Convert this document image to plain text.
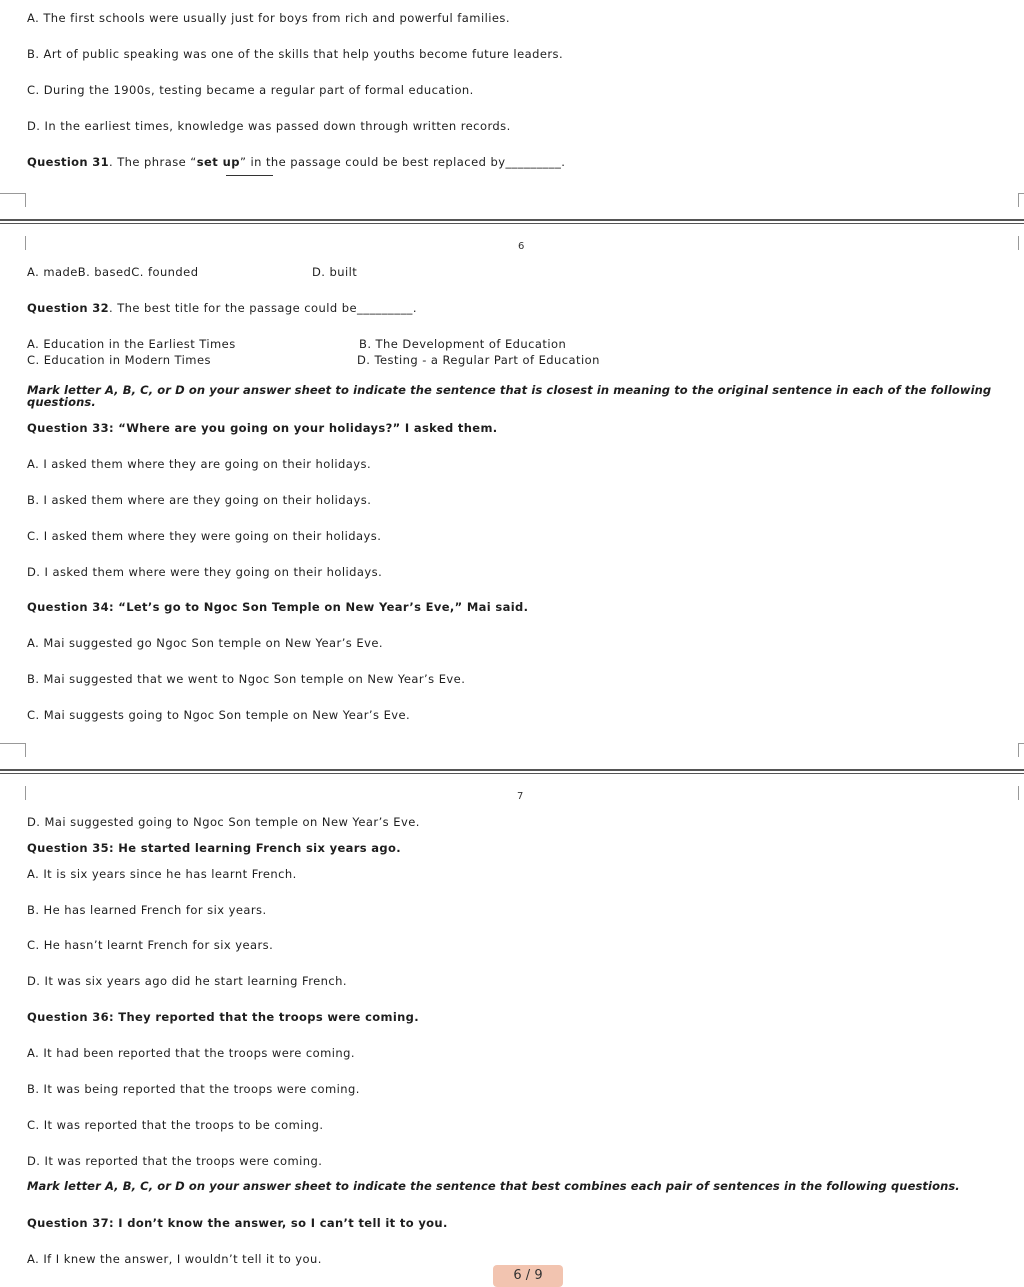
A. The first schools were usually just for boys from rich and powerful families.
B. Art of public speaking was one of the skills that help youths become future leaders.
C. During the 1900s, testing became a regular part of formal education.
D. In the earliest times, knowledge was passed down through written records.
Question 31. The phrase “set up” in the passage could be best replaced by_________.
6
A. madeB. basedC. founded	D. built
Question 32. The best title for the passage could be_________.
A. Education in the Earliest Times	B. The Development of Education
C. Education in Modern Times	D. Testing - a Regular Part of Education
Mark letter A, B, C, or D on your answer sheet to indicate the sentence that is closest in meaning to the original sentence in each of the following questions.
Question 33: “Where are you going on your holidays?” I asked them.
A. I asked them where they are going on their holidays.
B. I asked them where are they going on their holidays.
C. I asked them where they were going on their holidays.
D. I asked them where were they going on their holidays.
Question 34: “Let’s go to Ngoc Son Temple on New Year’s Eve,” Mai said.
A. Mai suggested go Ngoc Son temple on New Year’s Eve.
B. Mai suggested that we went to Ngoc Son temple on New Year’s Eve.
C. Mai suggests going to Ngoc Son temple on New Year’s Eve.
7
D. Mai suggested going to Ngoc Son temple on New Year’s Eve.
Question 35: He started learning French six years ago.
A. It is six years since he has learnt French.
B. He has learned French for six years.
C. He hasn’t learnt French for six years.
D. It was six years ago did he start learning French.
Question 36: They reported that the troops were coming.
A. It had been reported that the troops were coming.
B. It was being reported that the troops were coming.
C. It was reported that the troops to be coming.
D. It was reported that the troops were coming.
Mark letter A, B, C, or D on your answer sheet to indicate the sentence that best combines each pair of sentences in the following questions.
Question 37: I don’t know the answer, so I can’t tell it to you.
A. If I knew the answer, I wouldn’t tell it to you.
6 / 9
